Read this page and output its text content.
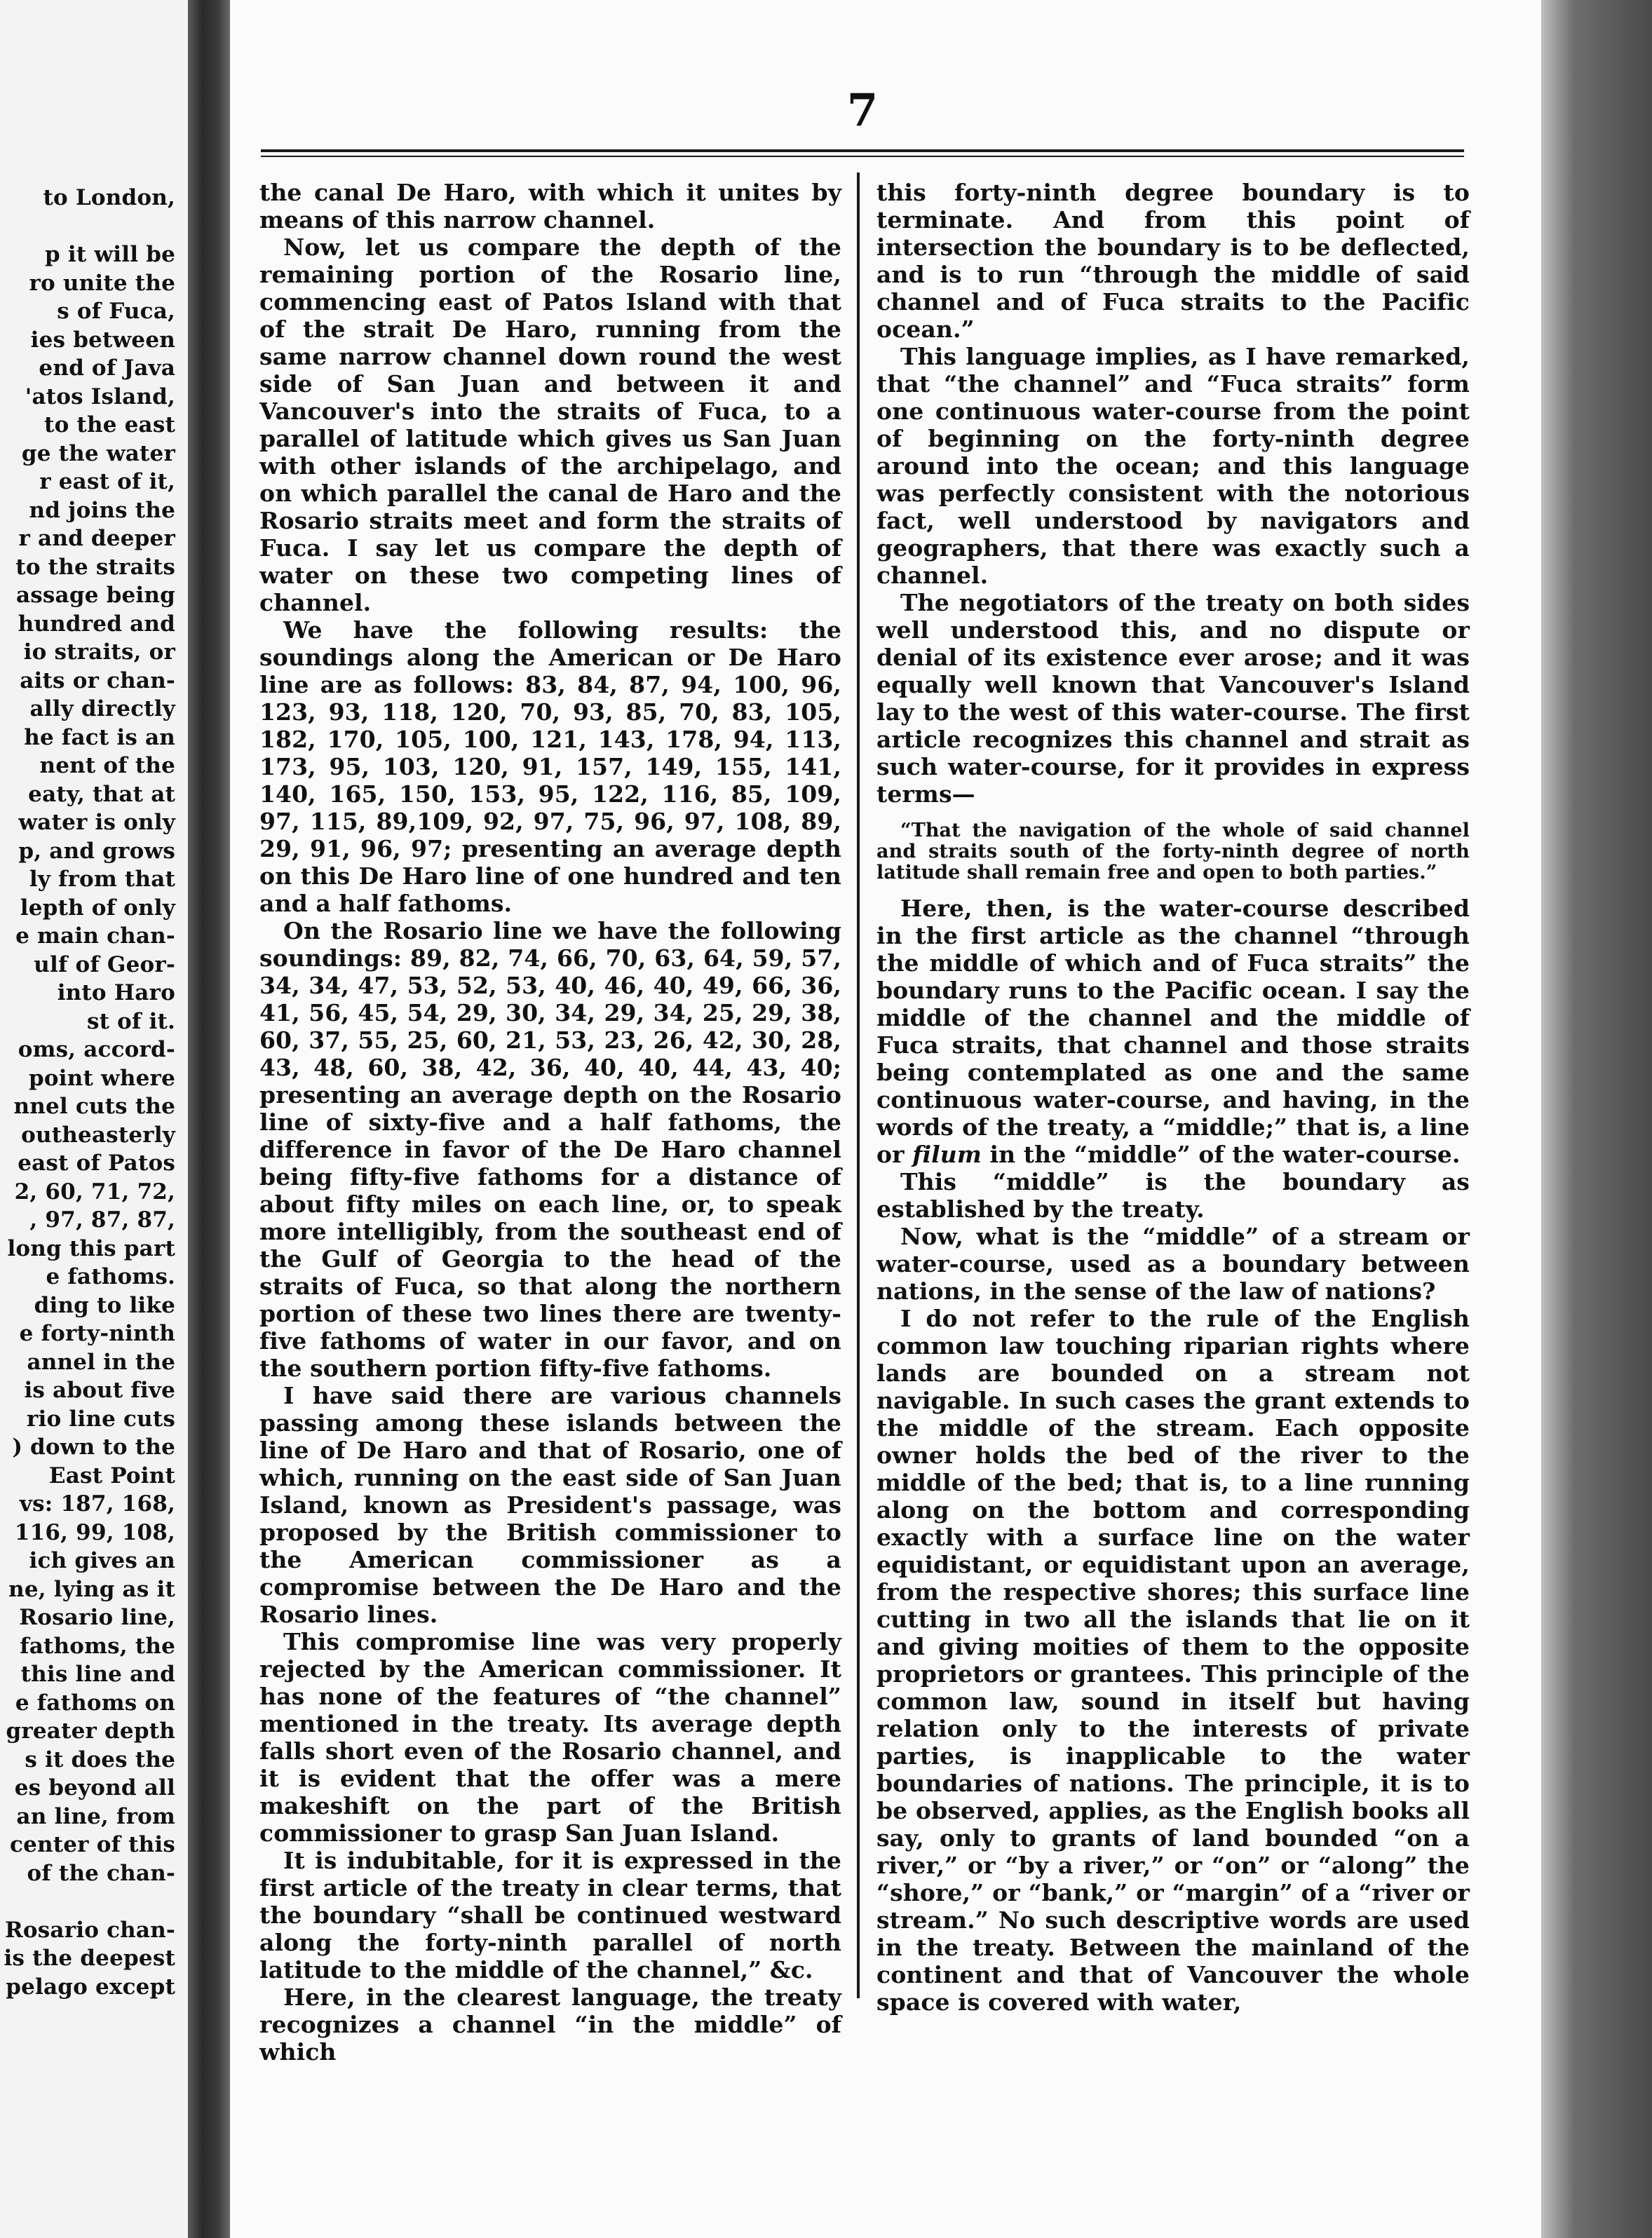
to London,

p it will be
ro unite the
s of Fuca,
ies between
end of Java
'atos Island,
to the east
ge the water
r east of it,
nd joins the
r and deeper
to the straits
assage being
hundred and
io straits, or
aits or chan-
ally directly
he fact is an
nent of the
eaty, that at
water is only
p, and grows
ly from that
lepth of only
e main chan-
ulf of Geor-
into Haro
st of it.
oms, accord-
point where
nnel cuts the
outheasterly
east of Patos
2, 60, 71, 72,
, 97, 87, 87,
long this part
e fathoms.
ding to like
e forty-ninth
annel in the
is about five
rio line cuts
) down to the
East Point
vs: 187, 168,
116, 99, 108,
ich gives an
ne, lying as it
Rosario line,
fathoms, the
this line and
e fathoms on
greater depth
s it does the
es beyond all
an line, from
center of this
of the chan-

Rosario chan-
is the deepest
pelago except
7

the canal De Haro, with which it unites by means of this narrow channel.

Now, let us compare the depth of the remaining portion of the Rosario line, commencing east of Patos Island with that of the strait De Haro, running from the same narrow channel down round the west side of San Juan and between it and Vancouver's into the straits of Fuca, to a parallel of latitude which gives us San Juan with other islands of the archipelago, and on which parallel the canal de Haro and the Rosario straits meet and form the straits of Fuca. I say let us compare the depth of water on these two competing lines of channel.

We have the following results: the soundings along the American or De Haro line are as follows: 83, 84, 87, 94, 100, 96, 123, 93, 118, 120, 70, 93, 85, 70, 83, 105, 182, 170, 105, 100, 121, 143, 178, 94, 113, 173, 95, 103, 120, 91, 157, 149, 155, 141, 140, 165, 150, 153, 95, 122, 116, 85, 109, 97, 115, 89,109, 92, 97, 75, 96, 97, 108, 89, 29, 91, 96, 97; presenting an average depth on this De Haro line of one hundred and ten and a half fathoms.

On the Rosario line we have the following soundings: 89, 82, 74, 66, 70, 63, 64, 59, 57, 34, 34, 47, 53, 52, 53, 40, 46, 40, 49, 66, 36, 41, 56, 45, 54, 29, 30, 34, 29, 34, 25, 29, 38, 60, 37, 55, 25, 60, 21, 53, 23, 26, 42, 30, 28, 43, 48, 60, 38, 42, 36, 40, 40, 44, 43, 40; presenting an average depth on the Rosario line of sixty-five and a half fathoms, the difference in favor of the De Haro channel being fifty-five fathoms for a distance of about fifty miles on each line, or, to speak more intelligibly, from the southeast end of the Gulf of Georgia to the head of the straits of Fuca, so that along the northern portion of these two lines there are twenty-five fathoms of water in our favor, and on the southern portion fifty-five fathoms.

I have said there are various channels passing among these islands between the line of De Haro and that of Rosario, one of which, running on the east side of San Juan Island, known as President's passage, was proposed by the British commissioner to the American commissioner as a compromise between the De Haro and the Rosario lines.

This compromise line was very properly rejected by the American commissioner. It has none of the features of “the channel” mentioned in the treaty. Its average depth falls short even of the Rosario channel, and it is evident that the offer was a mere makeshift on the part of the British commissioner to grasp San Juan Island.

It is indubitable, for it is expressed in the first article of the treaty in clear terms, that the boundary “shall be continued westward along the forty-ninth parallel of north latitude to the middle of the channel,” &c.

Here, in the clearest language, the treaty recognizes a channel “in the middle” of which

this forty-ninth degree boundary is to terminate. And from this point of intersection the boundary is to be deflected, and is to run “through the middle of said channel and of Fuca straits to the Pacific ocean.”

This language implies, as I have remarked, that “the channel” and “Fuca straits” form one continuous water-course from the point of beginning on the forty-ninth degree around into the ocean; and this language was perfectly consistent with the notorious fact, well understood by navigators and geographers, that there was exactly such a channel.

The negotiators of the treaty on both sides well understood this, and no dispute or denial of its existence ever arose; and it was equally well known that Vancouver's Island lay to the west of this water-course. The first article recognizes this channel and strait as such water-course, for it provides in express terms—

“That the navigation of the whole of said channel and straits south of the forty-ninth degree of north latitude shall remain free and open to both parties.”

Here, then, is the water-course described in the first article as the channel “through the middle of which and of Fuca straits” the boundary runs to the Pacific ocean. I say the middle of the channel and the middle of Fuca straits, that channel and those straits being contemplated as one and the same continuous water-course, and having, in the words of the treaty, a “middle;” that is, a line or filum in the “middle” of the water-course.

This “middle” is the boundary as established by the treaty.

Now, what is the “middle” of a stream or water-course, used as a boundary between nations, in the sense of the law of nations?

I do not refer to the rule of the English common law touching riparian rights where lands are bounded on a stream not navigable. In such cases the grant extends to the middle of the stream. Each opposite owner holds the bed of the river to the middle of the bed; that is, to a line running along on the bottom and corresponding exactly with a surface line on the water equidistant, or equidistant upon an average, from the respective shores; this surface line cutting in two all the islands that lie on it and giving moities of them to the opposite proprietors or grantees. This principle of the common law, sound in itself but having relation only to the interests of private parties, is inapplicable to the water boundaries of nations. The principle, it is to be observed, applies, as the English books all say, only to grants of land bounded “on a river,” or “by a river,” or “on” or “along” the “shore,” or “bank,” or “margin” of a “river or stream.” No such descriptive words are used in the treaty. Between the mainland of the continent and that of Vancouver the whole space is covered with water,
